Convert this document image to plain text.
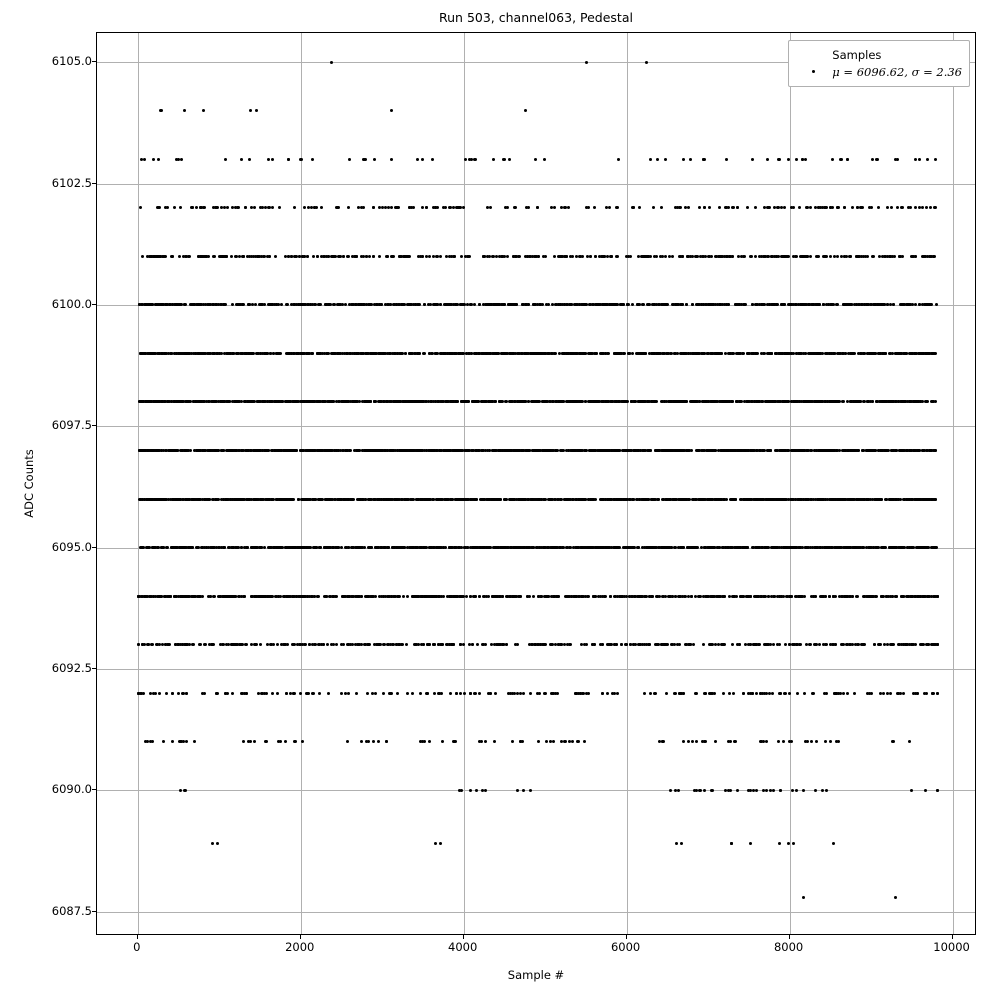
Run 503, channel063, Pedestal
0	2000	4000	6000	8000	10000
6087.5
6090.0
6092.5
6095.0
6097.5
6100.0
6102.5
6105.0
Sample #
ADC Counts
Samples
μ = 6096.62, σ = 2.36
